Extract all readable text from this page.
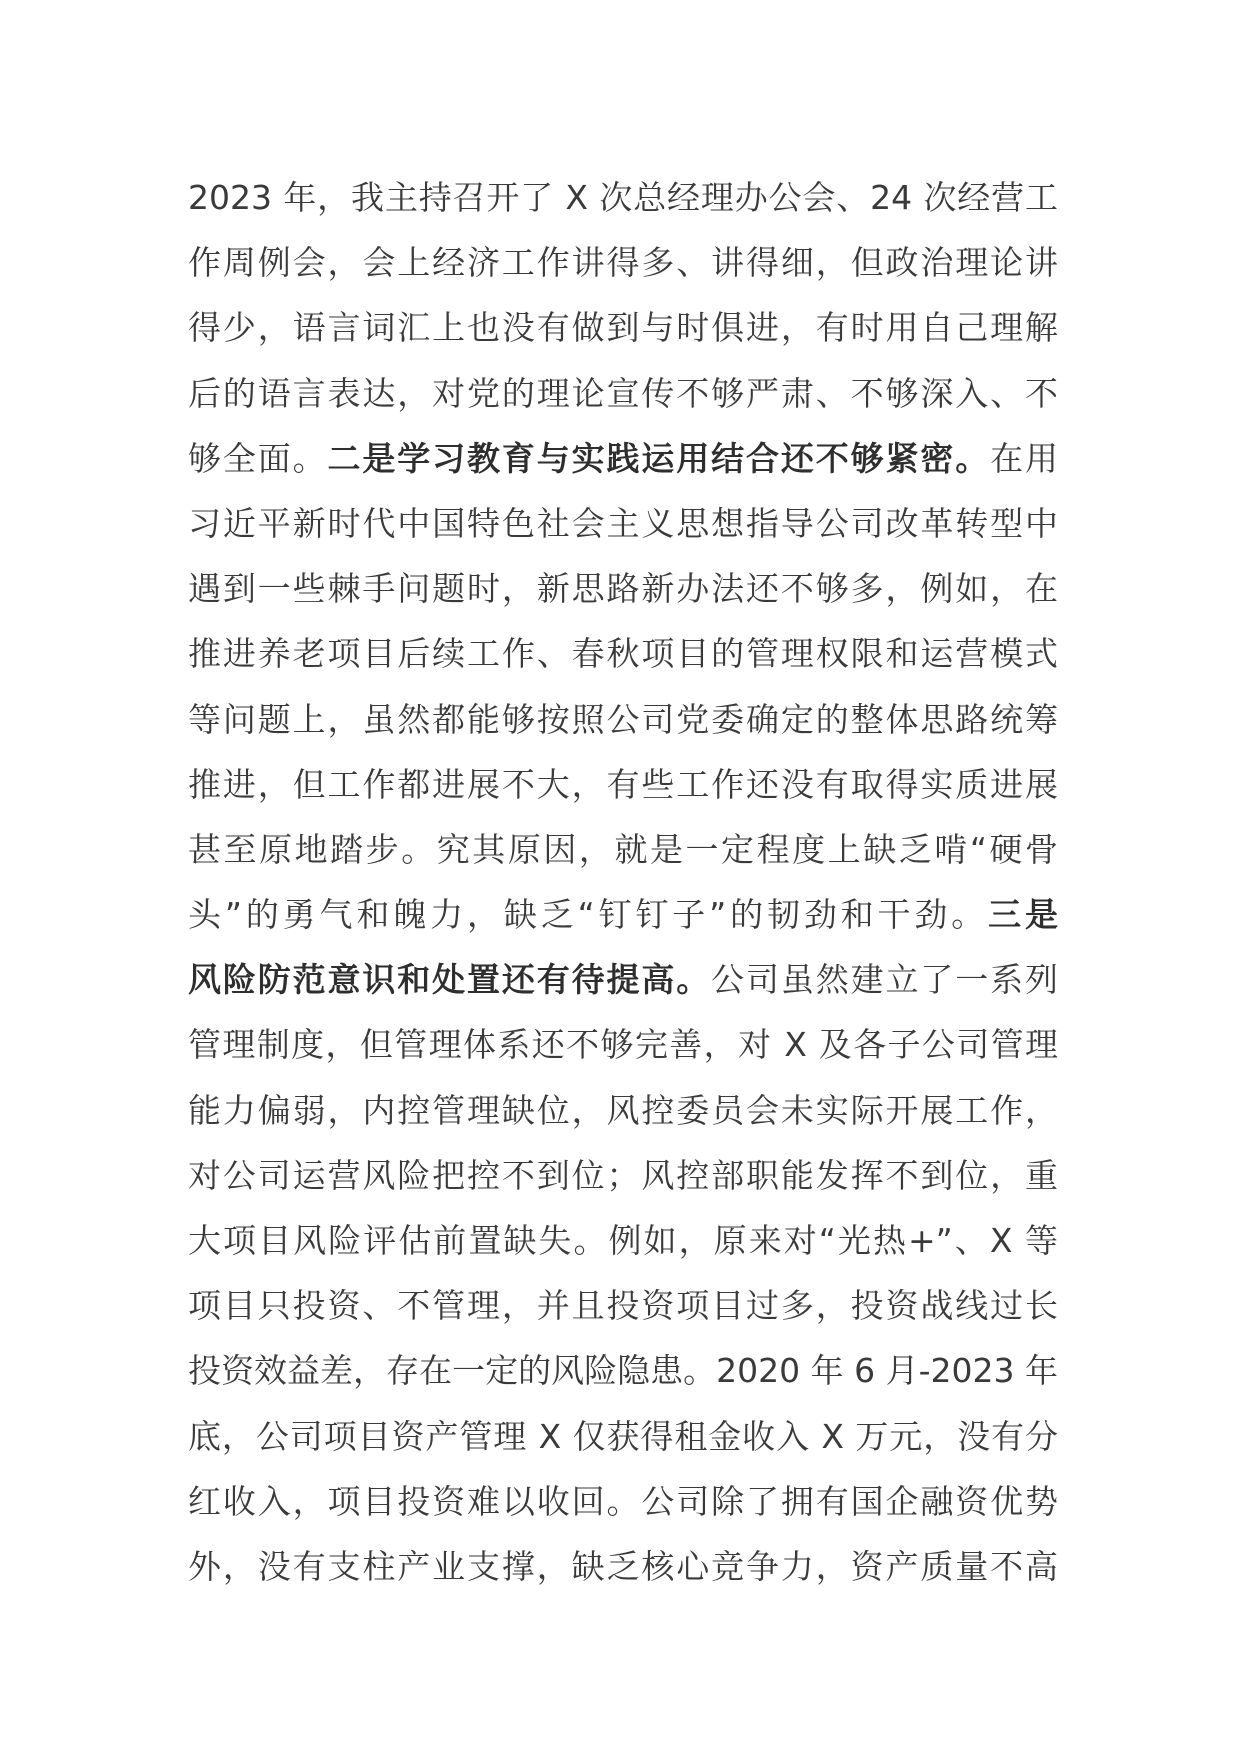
2023 年，我主持召开了 X 次总经理办公会、24 次经营工
作周例会，会上经济工作讲得多、讲得细，但政治理论讲
得少，语言词汇上也没有做到与时俱进，有时用自己理解
后的语言表达，对党的理论宣传不够严肃、不够深入、不
够全面。二是学习教育与实践运用结合还不够紧密。在用
习近平新时代中国特色社会主义思想指导公司改革转型中
遇到一些棘手问题时，新思路新办法还不够多，例如，在
推进养老项目后续工作、春秋项目的管理权限和运营模式
等问题上，虽然都能够按照公司党委确定的整体思路统筹
推进，但工作都进展不大，有些工作还没有取得实质进展
甚至原地踏步。究其原因，就是一定程度上缺乏啃“硬骨
头”的勇气和魄力，缺乏“钉钉子”的韧劲和干劲。三是
风险防范意识和处置还有待提高。公司虽然建立了一系列
管理制度，但管理体系还不够完善，对 X 及各子公司管理
能力偏弱，内控管理缺位，风控委员会未实际开展工作，
对公司运营风险把控不到位；风控部职能发挥不到位，重
大项目风险评估前置缺失。例如，原来对“光热+”、X 等
项目只投资、不管理，并且投资项目过多，投资战线过长
投资效益差，存在一定的风险隐患。2020 年 6 月-2023 年
底，公司项目资产管理 X 仅获得租金收入 X 万元，没有分
红收入，项目投资难以收回。公司除了拥有国企融资优势
外，没有支柱产业支撑，缺乏核心竞争力，资产质量不高
